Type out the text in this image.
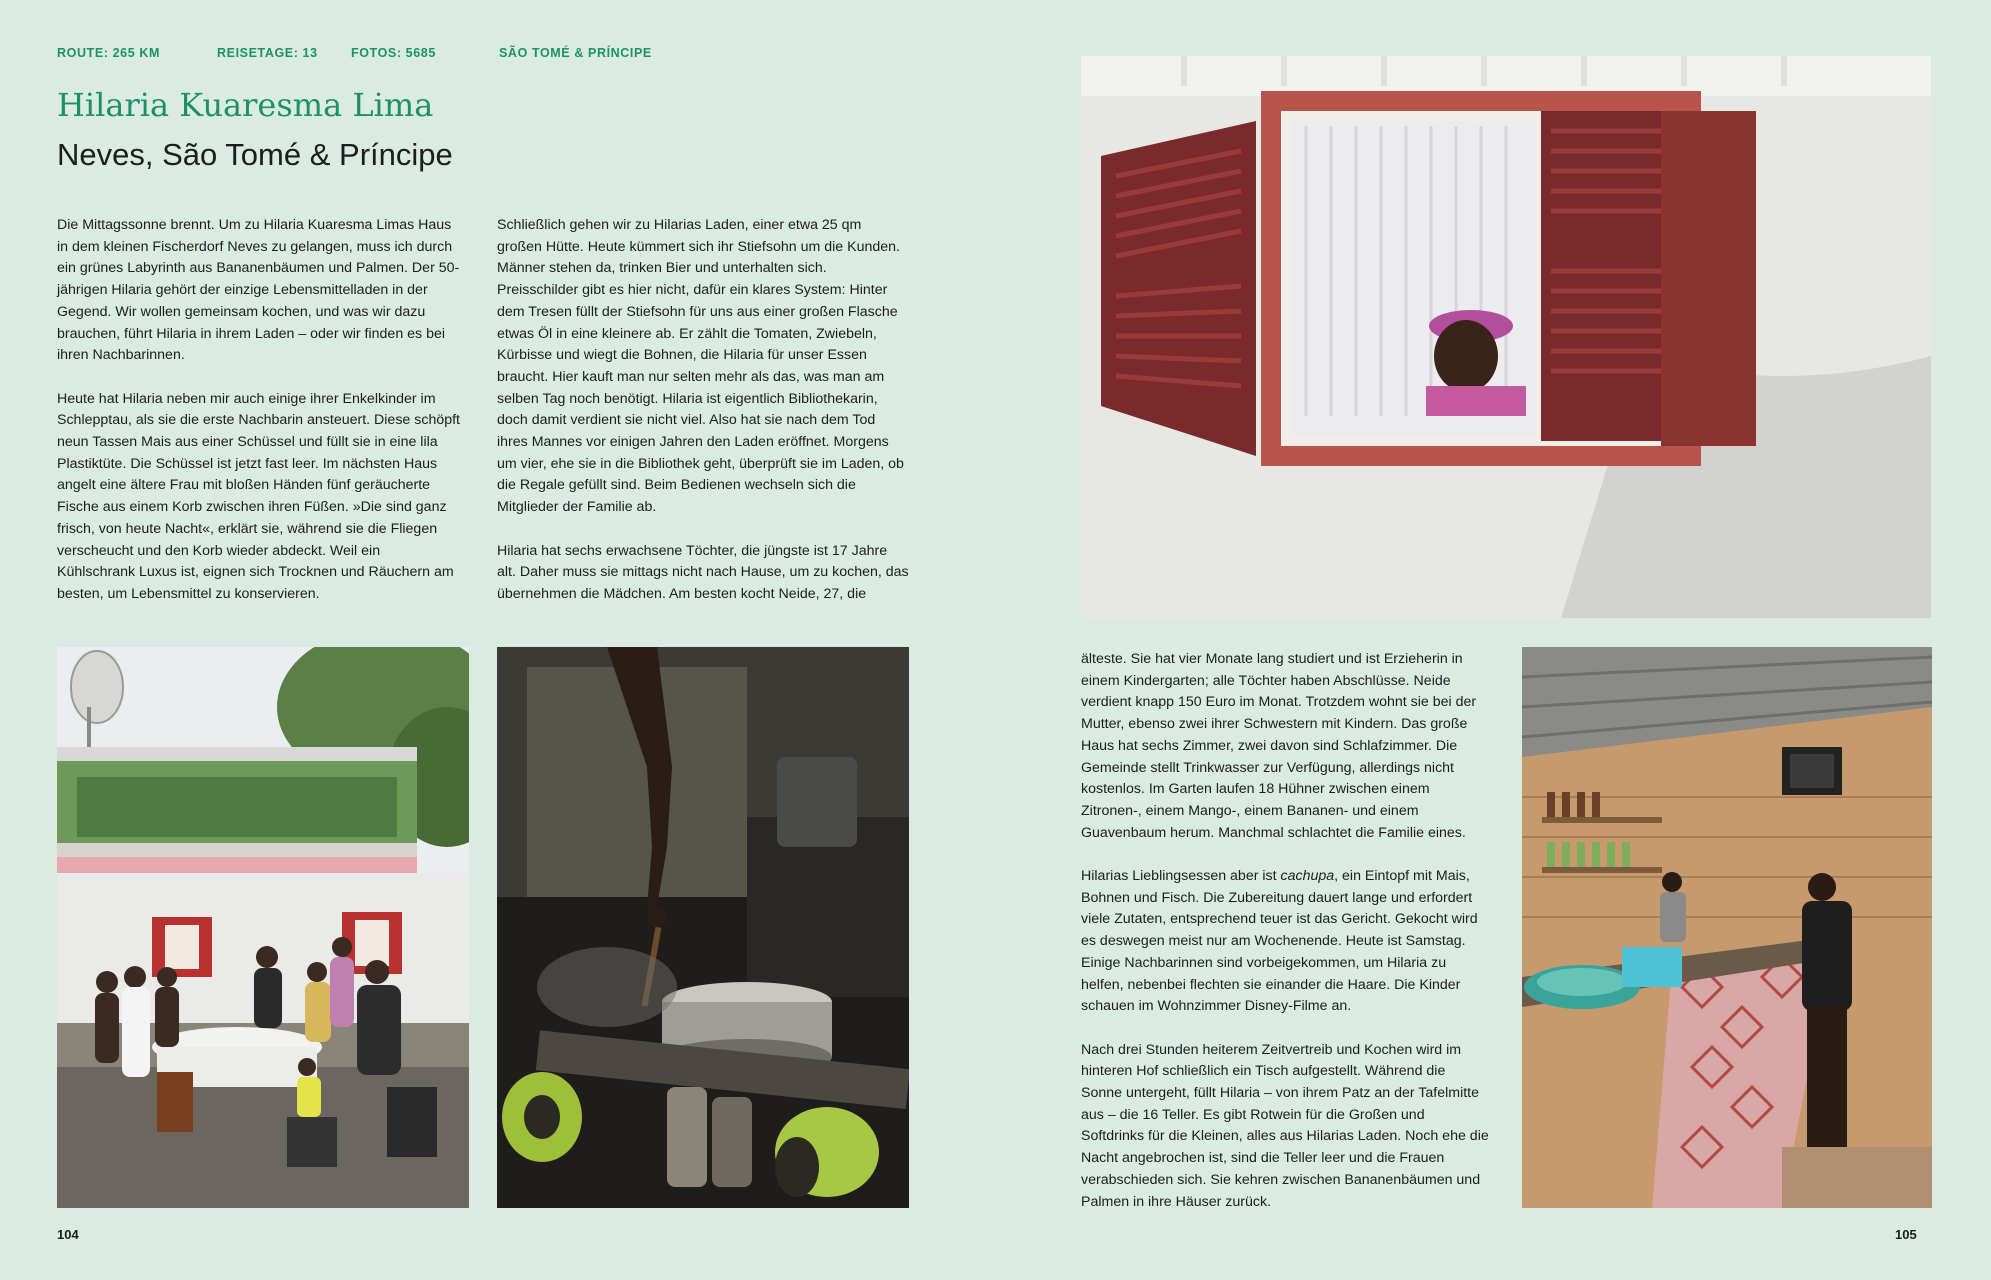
ROUTE: 265 KM	REISETAGE: 13	FOTOS: 5685	SÃO TOMÉ & PRÍNCIPE
Hilaria Kuaresma Lima
Neves, São Tomé & Príncipe

Die Mittagssonne brennt. Um zu Hilaria Kuaresma Limas Haus in dem kleinen Fischerdorf Neves zu gelangen, muss ich durch ein grünes Labyrinth aus Bananenbäumen und Palmen. Der 50-jährigen Hilaria gehört der einzige Lebensmittelladen in der Gegend. Wir wollen gemeinsam kochen, und was wir dazu brauchen, führt Hilaria in ihrem Laden – oder wir finden es bei ihren Nachbarinnen.

Heute hat Hilaria neben mir auch einige ihrer Enkelkinder im Schlepptau, als sie die erste Nachbarin ansteuert. Diese schöpft neun Tassen Mais aus einer Schüssel und füllt sie in eine lila Plastiktüte. Die Schüssel ist jetzt fast leer. Im nächsten Haus angelt eine ältere Frau mit bloßen Händen fünf geräucherte Fische aus einem Korb zwischen ihren Füßen. »Die sind ganz frisch, von heute Nacht«, erklärt sie, während sie die Fliegen verscheucht und den Korb wieder abdeckt. Weil ein Kühlschrank Luxus ist, eignen sich Trocknen und Räuchern am besten, um Lebensmittel zu konservieren.

Schließlich gehen wir zu Hilarias Laden, einer etwa 25 qm großen Hütte. Heute kümmert sich ihr Stiefsohn um die Kunden. Männer stehen da, trinken Bier und unterhalten sich. Preisschilder gibt es hier nicht, dafür ein klares System: Hinter dem Tresen füllt der Stiefsohn für uns aus einer großen Flasche etwas Öl in eine kleinere ab. Er zählt die Tomaten, Zwiebeln, Kürbisse und wiegt die Bohnen, die Hilaria für unser Essen braucht. Hier kauft man nur selten mehr als das, was man am selben Tag noch benötigt. Hilaria ist eigentlich Bibliothekarin, doch damit verdient sie nicht viel. Also hat sie nach dem Tod ihres Mannes vor einigen Jahren den Laden eröffnet. Morgens um vier, ehe sie in die Bibliothek geht, überprüft sie im Laden, ob die Regale gefüllt sind. Beim Bedienen wechseln sich die Mitglieder der Familie ab.

Hilaria hat sechs erwachsene Töchter, die jüngste ist 17 Jahre alt. Daher muss sie mittags nicht nach Hause, um zu kochen, das übernehmen die Mädchen. Am besten kocht Neide, 27, die

104

älteste. Sie hat vier Monate lang studiert und ist Erzieherin in einem Kindergarten; alle Töchter haben Abschlüsse. Neide verdient knapp 150 Euro im Monat. Trotzdem wohnt sie bei der Mutter, ebenso zwei ihrer Schwestern mit Kindern. Das große Haus hat sechs Zimmer, zwei davon sind Schlafzimmer. Die Gemeinde stellt Trinkwasser zur Verfügung, allerdings nicht kostenlos. Im Garten laufen 18 Hühner zwischen einem Zitronen-, einem Mango-, einem Bananen- und einem Guavenbaum herum. Manchmal schlachtet die Familie eines.

Hilarias Lieblingsessen aber ist cachupa, ein Eintopf mit Mais, Bohnen und Fisch. Die Zubereitung dauert lange und erfordert viele Zutaten, entsprechend teuer ist das Gericht. Gekocht wird es deswegen meist nur am Wochenende. Heute ist Samstag. Einige Nachbarinnen sind vorbeigekommen, um Hilaria zu helfen, nebenbei flechten sie einander die Haare. Die Kinder schauen im Wohnzimmer Disney-Filme an.

Nach drei Stunden heiterem Zeitvertreib und Kochen wird im hinteren Hof schließlich ein Tisch aufgestellt. Während die Sonne untergeht, füllt Hilaria – von ihrem Patz an der Tafelmitte aus – die 16 Teller. Es gibt Rotwein für die Großen und Softdrinks für die Kleinen, alles aus Hilarias Laden. Noch ehe die Nacht angebrochen ist, sind die Teller leer und die Frauen verabschieden sich. Sie kehren zwischen Bananenbäumen und Palmen in ihre Häuser zurück.

105
